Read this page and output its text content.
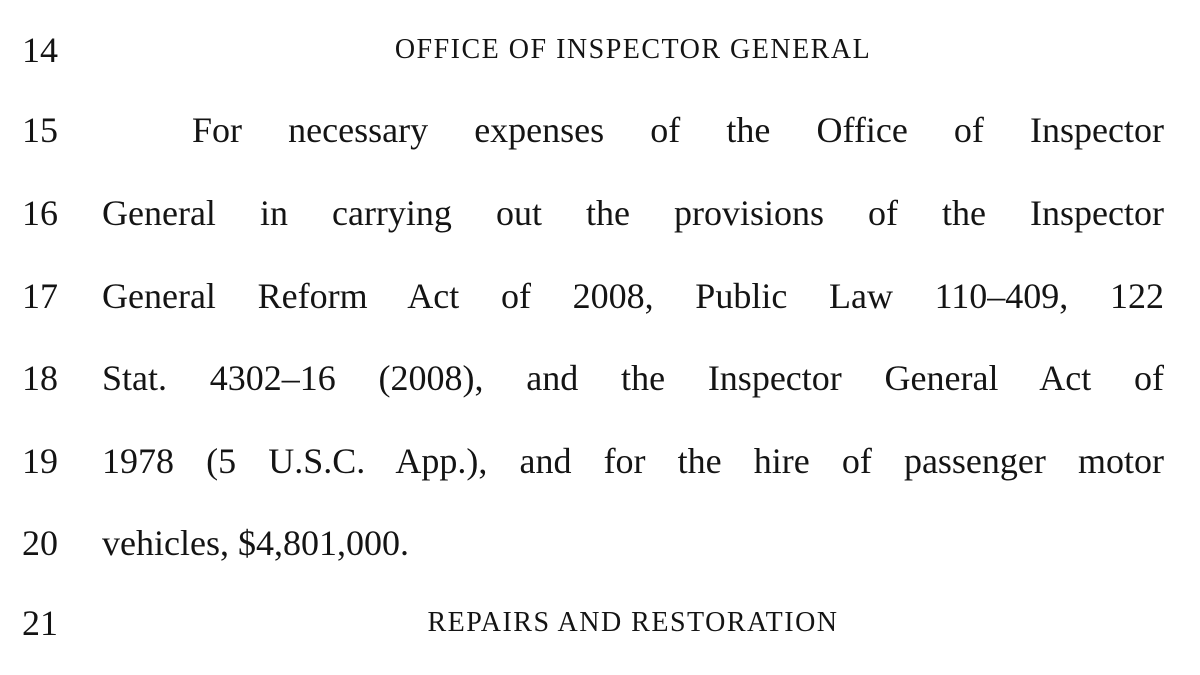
14	OFFICE OF INSPECTOR GENERAL
15	For necessary expenses of the Office of Inspector
16 General in carrying out the provisions of the Inspector
17 General Reform Act of 2008, Public Law 110–409, 122
18 Stat. 4302–16 (2008), and the Inspector General Act of
19 1978 (5 U.S.C. App.), and for the hire of passenger motor
20 vehicles, $4,801,000.
21	REPAIRS AND RESTORATION
